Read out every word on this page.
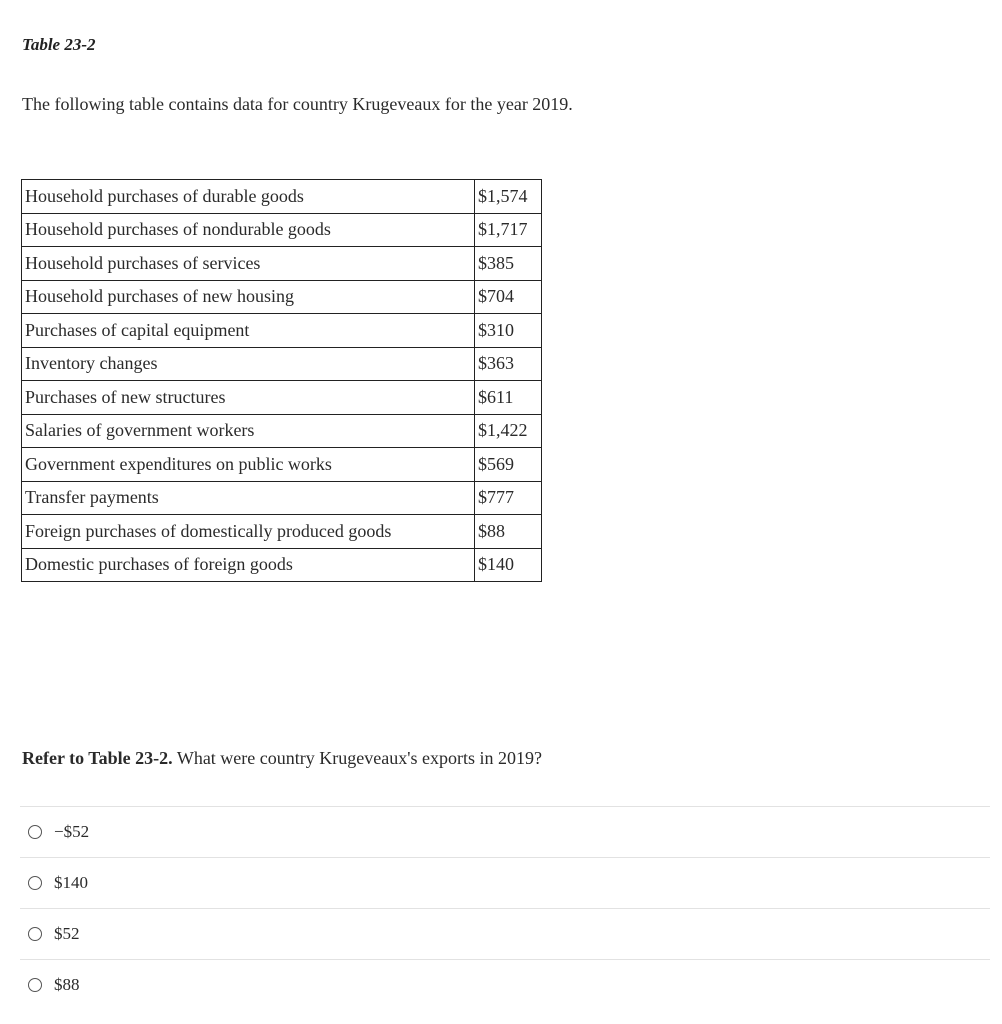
Table 23-2

The following table contains data for country Krugeveaux for the year 2019.

Household purchases of durable goods	$1,574
Household purchases of nondurable goods	$1,717
Household purchases of services	$385
Household purchases of new housing	$704
Purchases of capital equipment	$310
Inventory changes	$363
Purchases of new structures	$611
Salaries of government workers	$1,422
Government expenditures on public works	$569
Transfer payments	$777
Foreign purchases of domestically produced goods	$88
Domestic purchases of foreign goods	$140

Refer to Table 23-2. What were country Krugeveaux's exports in 2019?

−$52
$140
$52
$88
